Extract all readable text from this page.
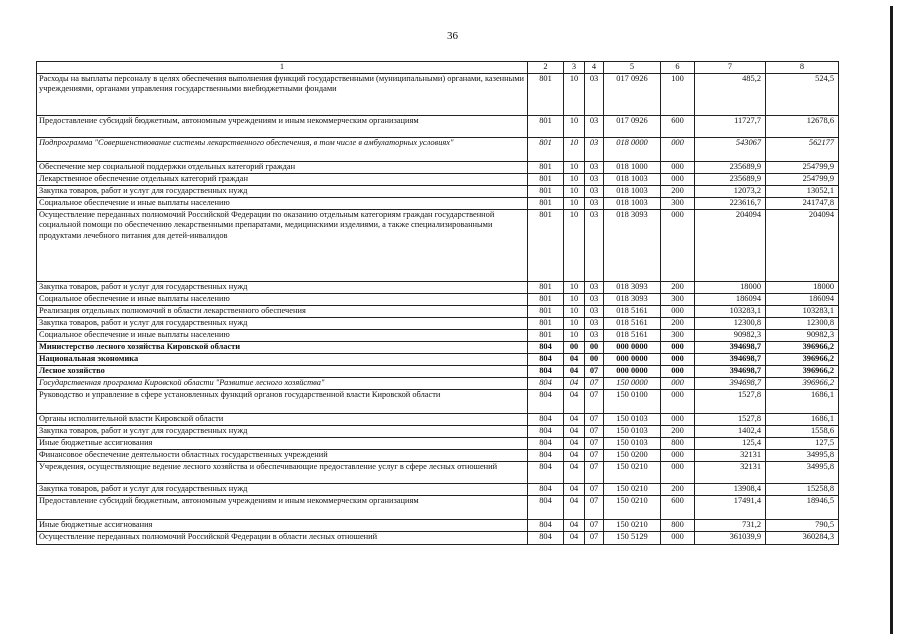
36
1	2	3	4	5	6	7	8
Расходы на выплаты персоналу в целях обеспечения выполнения функций государственными (муниципальными) органами, казенными учреждениями, органами управления государственными внебюджетными фондами	801	10	03	017 0926	100	485,2	524,5
Предоставление субсидий бюджетным, автономным учреждениям и иным некоммерческим организациям	801	10	03	017 0926	600	11727,7	12678,6
Подпрограмма "Совершенствование системы лекарственного обеспечения, в том числе в амбулаторных условиях"	801	10	03	018 0000	000	543067	562177
Обеспечение мер социальной поддержки отдельных категорий граждан	801	10	03	018 1000	000	235689,9	254799,9
Лекарственное обеспечение отдельных категорий граждан	801	10	03	018 1003	000	235689,9	254799,9
Закупка товаров, работ и услуг для государственных нужд	801	10	03	018 1003	200	12073,2	13052,1
Социальное обеспечение и иные выплаты населению	801	10	03	018 1003	300	223616,7	241747,8
Осуществление переданных полномочий Российской Федерации по оказанию отдельным категориям граждан государственной социальной помощи по обеспечению лекарственными препаратами, медицинскими изделиями, а также специализированными продуктами лечебного питания для детей-инвалидов	801	10	03	018 3093	000	204094	204094
Закупка товаров, работ и услуг для государственных нужд	801	10	03	018 3093	200	18000	18000
Социальное обеспечение и иные выплаты населению	801	10	03	018 3093	300	186094	186094
Реализация отдельных полномочий в области лекарственного обеспечения	801	10	03	018 5161	000	103283,1	103283,1
Закупка товаров, работ и услуг для государственных нужд	801	10	03	018 5161	200	12300,8	12300,8
Социальное обеспечение и иные выплаты населению	801	10	03	018 5161	300	90982,3	90982,3
Министерство лесного хозяйства Кировской области	804	00	00	000 0000	000	394698,7	396966,2
Национальная экономика	804	04	00	000 0000	000	394698,7	396966,2
Лесное хозяйство	804	04	07	000 0000	000	394698,7	396966,2
Государственная программа Кировской области "Развитие лесного хозяйства"	804	04	07	150 0000	000	394698,7	396966,2
Руководство и управление в сфере установленных функций органов государственной власти Кировской области	804	04	07	150 0100	000	1527,8	1686,1
Органы исполнительной власти Кировской области	804	04	07	150 0103	000	1527,8	1686,1
Закупка товаров, работ и услуг для государственных нужд	804	04	07	150 0103	200	1402,4	1558,6
Иные бюджетные ассигнования	804	04	07	150 0103	800	125,4	127,5
Финансовое обеспечение деятельности областных государственных учреждений	804	04	07	150 0200	000	32131	34995,8
Учреждения, осуществляющие ведение лесного хозяйства и обеспечивающие предоставление услуг в сфере лесных отношений	804	04	07	150 0210	000	32131	34995,8
Закупка товаров, работ и услуг для государственных нужд	804	04	07	150 0210	200	13908,4	15258,8
Предоставление субсидий бюджетным, автономным учреждениям и иным некоммерческим организациям	804	04	07	150 0210	600	17491,4	18946,5
Иные бюджетные ассигнования	804	04	07	150 0210	800	731,2	790,5
Осуществление переданных полномочий Российской Федерации в области лесных отношений	804	04	07	150 5129	000	361039,9	360284,3
